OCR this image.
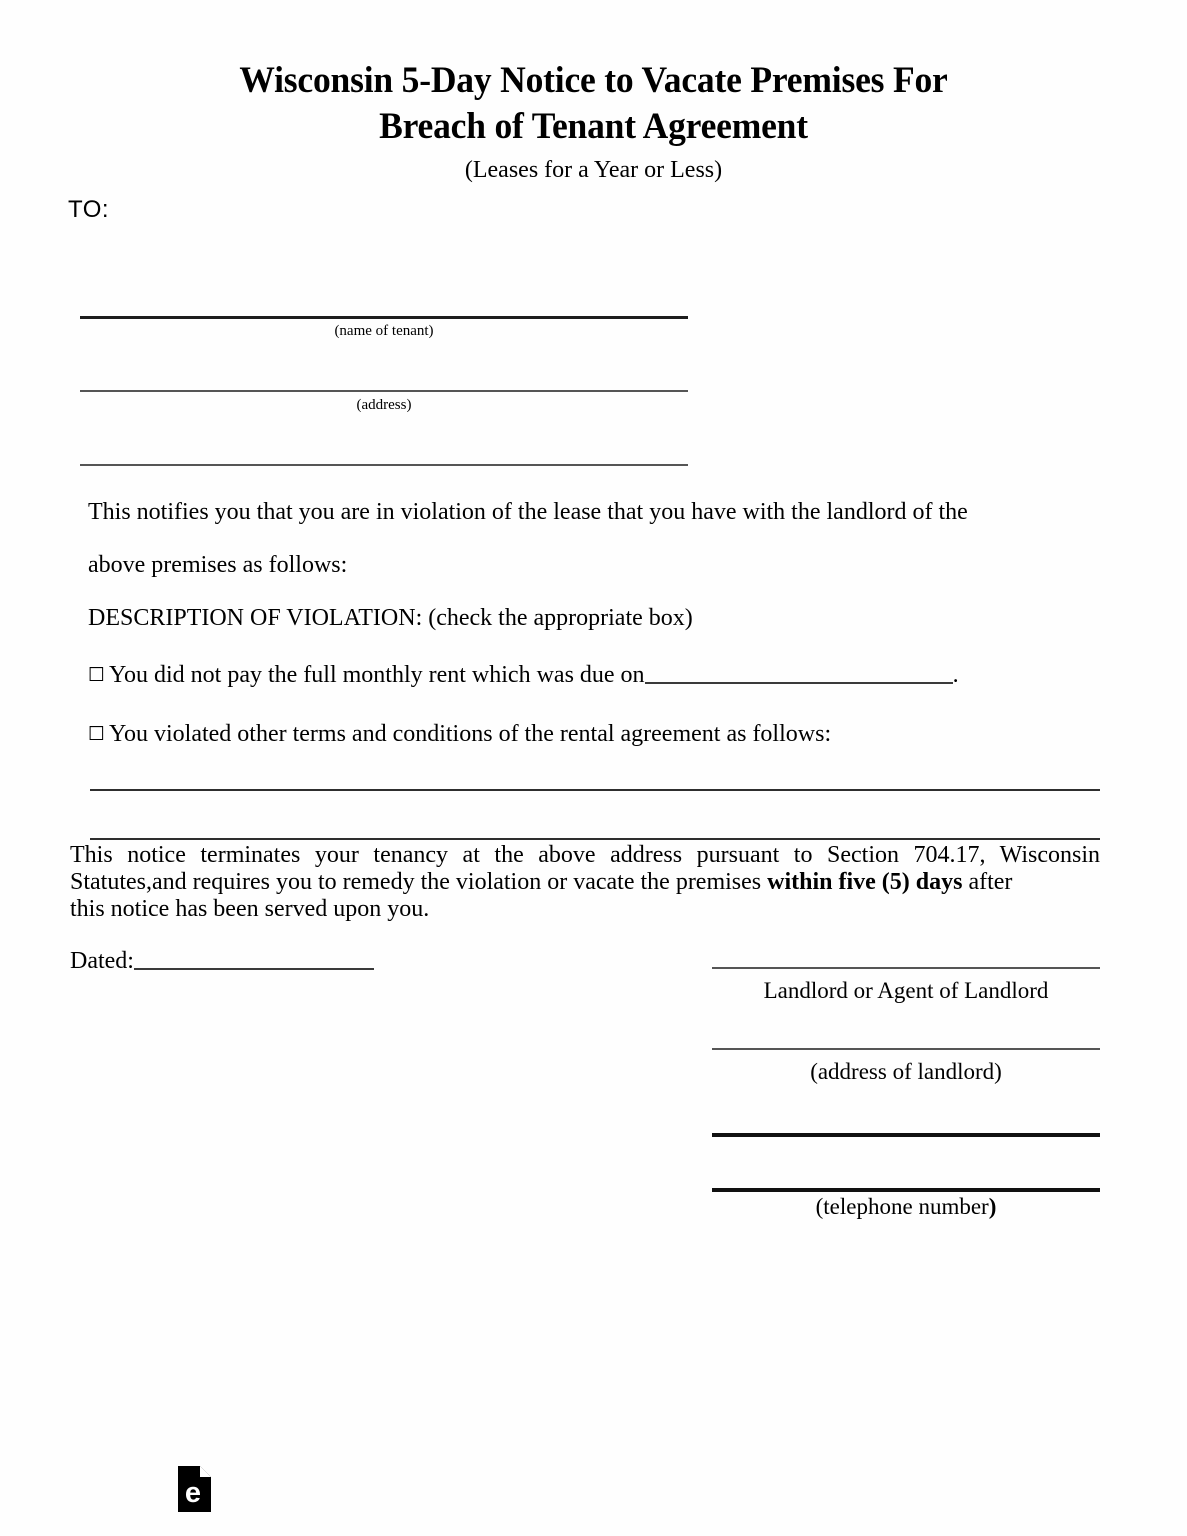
Wisconsin 5-Day Notice to Vacate Premises For
Breach of Tenant Agreement
(Leases for a Year or Less)
TO:
(name of tenant)
(address)
This notifies you that you are in violation of the lease that you have with the landlord of the
above premises as follows:
DESCRIPTION OF VIOLATION: (check the appropriate box)
☐ You did not pay the full monthly rent which was due on	.
☐ You violated other terms and conditions of the rental agreement as follows:
This notice terminates your tenancy at the above address pursuant to Section 704.17, Wisconsin Statutes,and requires you to remedy the violation or vacate the premises within five (5) days after
this notice has been served upon you.
Dated:
Landlord or Agent of Landlord
(address of landlord)
(telephone number)
e
